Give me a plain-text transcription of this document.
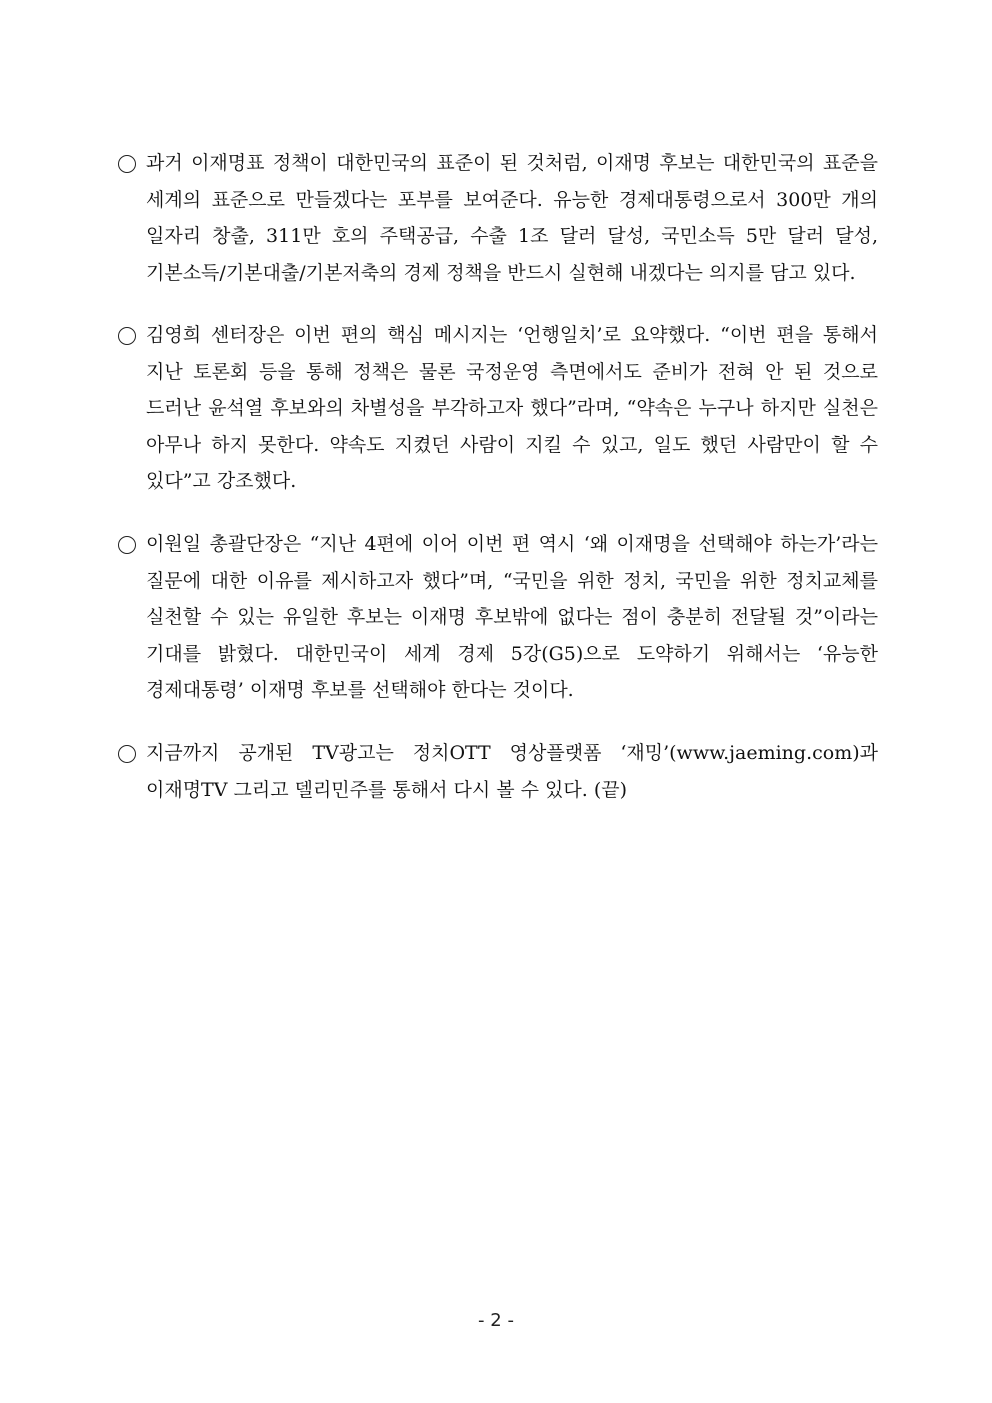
과거 이재명표 정책이 대한민국의 표준이 된 것처럼, 이재명 후보는 대한민국의 표준을 세계의 표준으로 만들겠다는 포부를 보여준다. 유능한 경제대통령으로서 300만 개의 일자리 창출, 311만 호의 주택공급, 수출 1조 달러 달성, 국민소득 5만 달러 달성, 기본소득/기본대출/기본저축의 경제 정책을 반드시 실현해 내겠다는 의지를 담고 있다.

김영희 센터장은 이번 편의 핵심 메시지는 ‘언행일치’로 요약했다. “이번 편을 통해서 지난 토론회 등을 통해 정책은 물론 국정운영 측면에서도 준비가 전혀 안 된 것으로 드러난 윤석열 후보와의 차별성을 부각하고자 했다”라며, “약속은 누구나 하지만 실천은 아무나 하지 못한다. 약속도 지켰던 사람이 지킬 수 있고, 일도 했던 사람만이 할 수 있다”고 강조했다.

이원일 총괄단장은 “지난 4편에 이어 이번 편 역시 ‘왜 이재명을 선택해야 하는가’라는 질문에 대한 이유를 제시하고자 했다”며, “국민을 위한 정치, 국민을 위한 정치교체를 실천할 수 있는 유일한 후보는 이재명 후보밖에 없다는 점이 충분히 전달될 것”이라는 기대를 밝혔다. 대한민국이 세계 경제 5강(G5)으로 도약하기 위해서는 ‘유능한 경제대통령’ 이재명 후보를 선택해야 한다는 것이다.

지금까지 공개된 TV광고는 정치OTT 영상플랫폼 ‘재밍’(www.jaeming.com)과 이재명TV 그리고 델리민주를 통해서 다시 볼 수 있다. (끝)

- 2 -
